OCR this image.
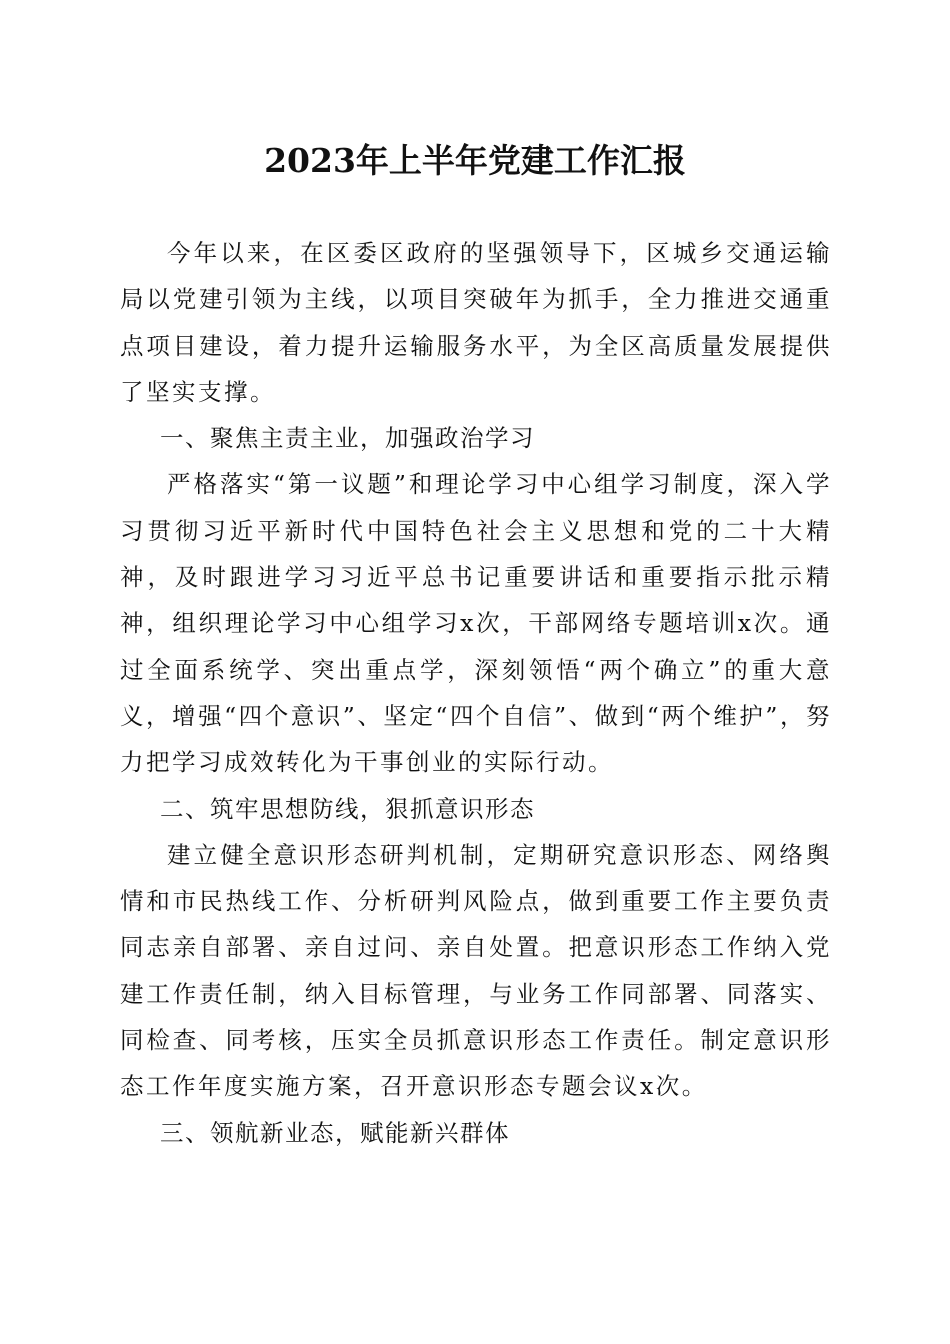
2023年上半年党建工作汇报

今年以来，在区委区政府的坚强领导下，区城乡交通运输局以党建引领为主线，以项目突破年为抓手，全力推进交通重点项目建设，着力提升运输服务水平，为全区高质量发展提供了坚实支撑。

一、聚焦主责主业，加强政治学习

严格落实“第一议题”和理论学习中心组学习制度，深入学习贯彻习近平新时代中国特色社会主义思想和党的二十大精神，及时跟进学习习近平总书记重要讲话和重要指示批示精神，组织理论学习中心组学习x次，干部网络专题培训x次。通过全面系统学、突出重点学，深刻领悟“两个确立”的重大意义，增强“四个意识”、坚定“四个自信”、做到“两个维护”，努力把学习成效转化为干事创业的实际行动。

二、筑牢思想防线，狠抓意识形态

建立健全意识形态研判机制，定期研究意识形态、网络舆情和市民热线工作、分析研判风险点，做到重要工作主要负责同志亲自部署、亲自过问、亲自处置。把意识形态工作纳入党建工作责任制，纳入目标管理，与业务工作同部署、同落实、同检查、同考核，压实全员抓意识形态工作责任。制定意识形态工作年度实施方案，召开意识形态专题会议x次。

三、领航新业态，赋能新兴群体
